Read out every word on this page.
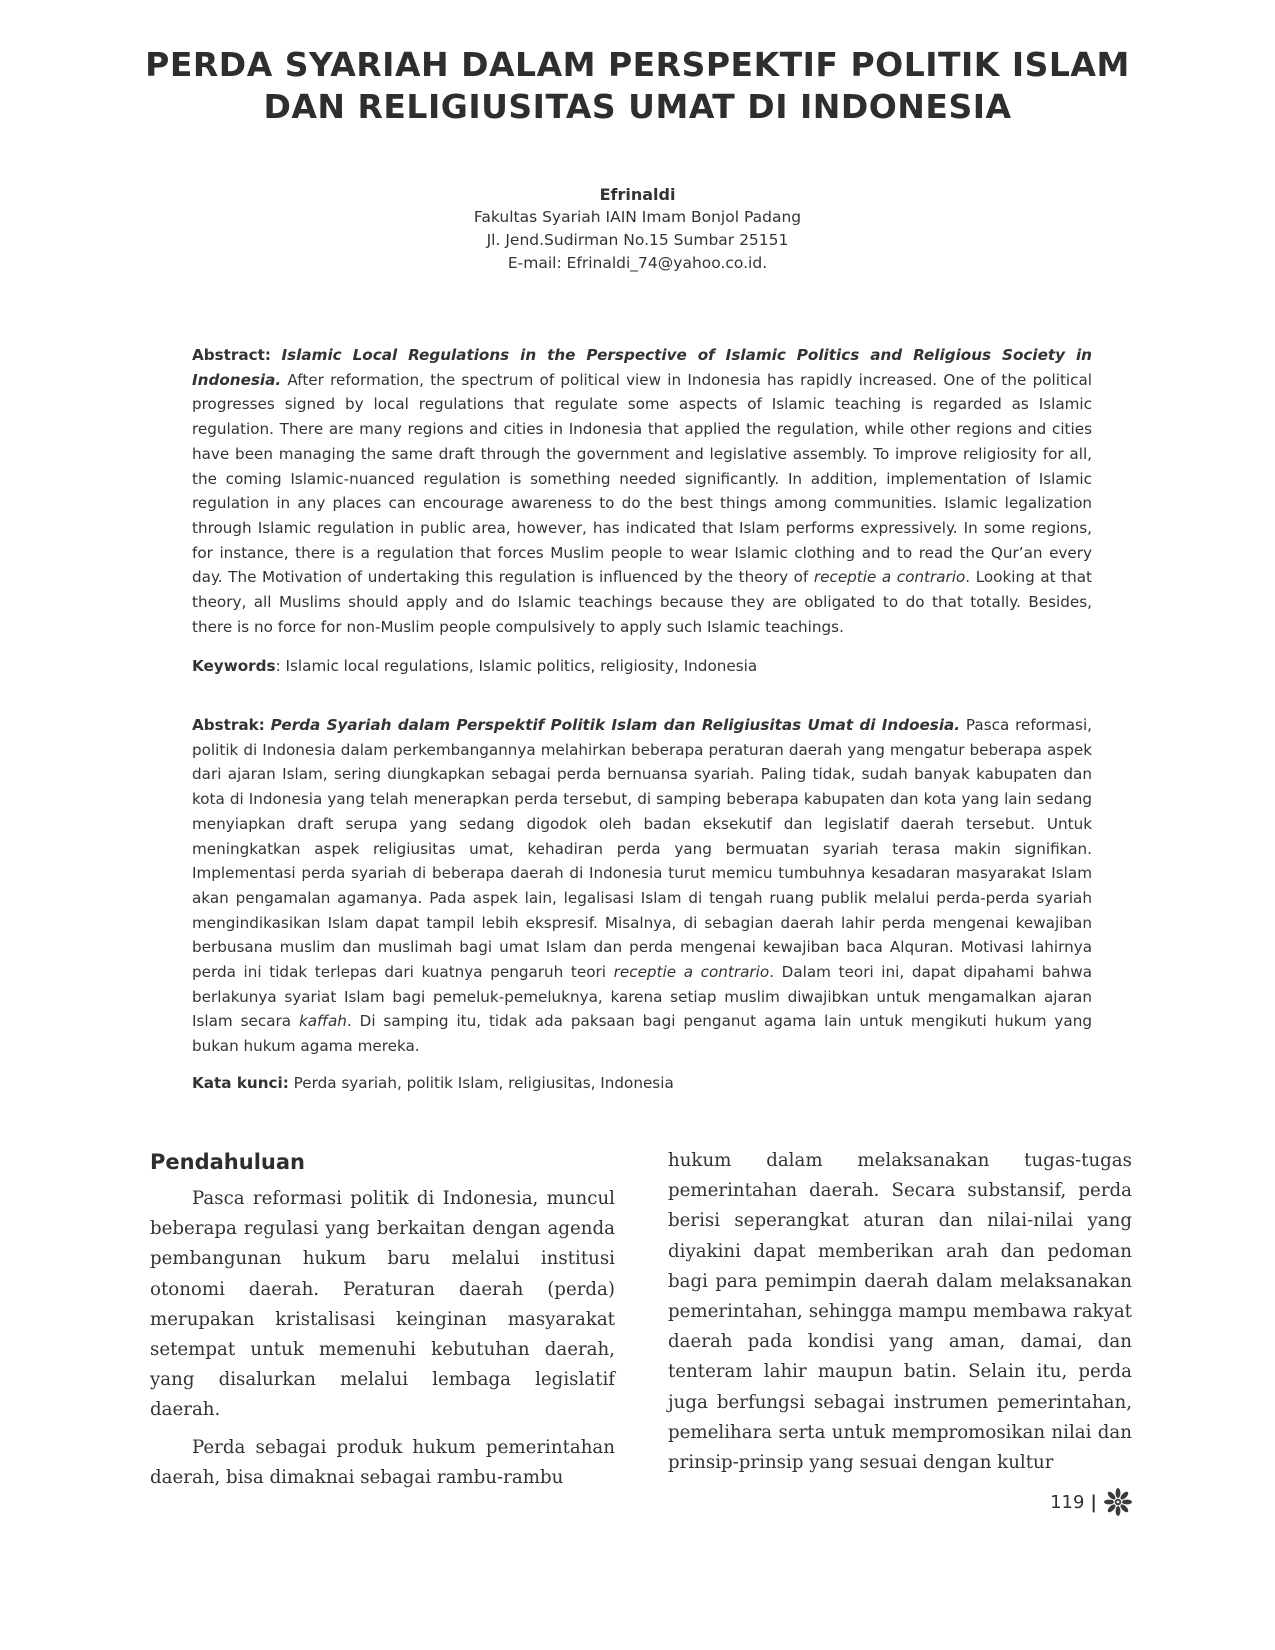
PERDA SYARIAH DALAM PERSPEKTIF POLITIK ISLAM
DAN RELIGIUSITAS UMAT DI INDONESIA
Efrinaldi
Fakultas Syariah IAIN Imam Bonjol Padang
Jl. Jend.Sudirman No.15 Sumbar 25151
E-mail: Efrinaldi_74@yahoo.co.id.

Abstract: Islamic Local Regulations in the Perspective of Islamic Politics and Religious Society in Indonesia. After reformation, the spectrum of political view in Indonesia has rapidly increased. One of the political progresses signed by local regulations that regulate some aspects of Islamic teaching is regarded as Islamic regulation. There are many regions and cities in Indonesia that applied the regulation, while other regions and cities have been managing the same draft through the government and legislative assembly. To improve religiosity for all, the coming Islamic-nuanced regulation is something needed significantly. In addition, implementation of Islamic regulation in any places can encourage awareness to do the best things among communities. Islamic legalization through Islamic regulation in public area, however, has indicated that Islam performs expressively. In some regions, for instance, there is a regulation that forces Muslim people to wear Islamic clothing and to read the Qur’an every day. The Motivation of undertaking this regulation is influenced by the theory of receptie a contrario. Looking at that theory, all Muslims should apply and do Islamic teachings because they are obligated to do that totally. Besides, there is no force for non-Muslim people compulsively to apply such Islamic teachings.

Keywords: Islamic local regulations, Islamic politics, religiosity, Indonesia

Abstrak: Perda Syariah dalam Perspektif Politik Islam dan Religiusitas Umat di Indoesia. Pasca reformasi, politik di Indonesia dalam perkembangannya melahirkan beberapa peraturan daerah yang mengatur beberapa aspek dari ajaran Islam, sering diungkapkan sebagai perda bernuansa syariah. Paling tidak, sudah banyak kabupaten dan kota di Indonesia yang telah menerapkan perda tersebut, di samping beberapa kabupaten dan kota yang lain sedang menyiapkan draft serupa yang sedang digodok oleh badan eksekutif dan legislatif daerah tersebut. Untuk meningkatkan aspek religiusitas umat, kehadiran perda yang bermuatan syariah terasa makin signifikan. Implementasi perda syariah di beberapa daerah di Indonesia turut memicu tumbuhnya kesadaran masyarakat Islam akan pengamalan agamanya. Pada aspek lain, legalisasi Islam di tengah ruang publik melalui perda-perda syariah mengindikasikan Islam dapat tampil lebih ekspresif. Misalnya, di sebagian daerah lahir perda mengenai kewajiban berbusana muslim dan muslimah bagi umat Islam dan perda mengenai kewajiban baca Alquran. Motivasi lahirnya perda ini tidak terlepas dari kuatnya pengaruh teori receptie a contrario. Dalam teori ini, dapat dipahami bahwa berlakunya syariat Islam bagi pemeluk-pemeluknya, karena setiap muslim diwajibkan untuk mengamalkan ajaran Islam secara kaffah. Di samping itu, tidak ada paksaan bagi penganut agama lain untuk mengikuti hukum yang bukan hukum agama mereka.

Kata kunci: Perda syariah, politik Islam, religiusitas, Indonesia

Pendahuluan

Pasca reformasi politik di Indonesia, muncul beberapa regulasi yang berkaitan dengan agenda pembangunan hukum baru melalui institusi otonomi daerah. Peraturan daerah (perda) merupakan kristalisasi keinginan masyarakat setempat untuk memenuhi kebutuhan daerah, yang disalurkan melalui lembaga legislatif daerah.

Perda sebagai produk hukum pemerintahan daerah, bisa dimaknai sebagai rambu-rambu

hukum dalam melaksanakan tugas-tugas pemerintahan daerah. Secara substansif, perda berisi seperangkat aturan dan nilai-nilai yang diyakini dapat memberikan arah dan pedoman bagi para pemimpin daerah dalam melaksanakan pemerintahan, sehingga mampu membawa rakyat daerah pada kondisi yang aman, damai, dan tenteram lahir maupun batin. Selain itu, perda juga berfungsi sebagai instrumen pemerintahan, pemelihara serta untuk mempromosikan nilai dan prinsip-prinsip yang sesuai dengan kultur

119 |
